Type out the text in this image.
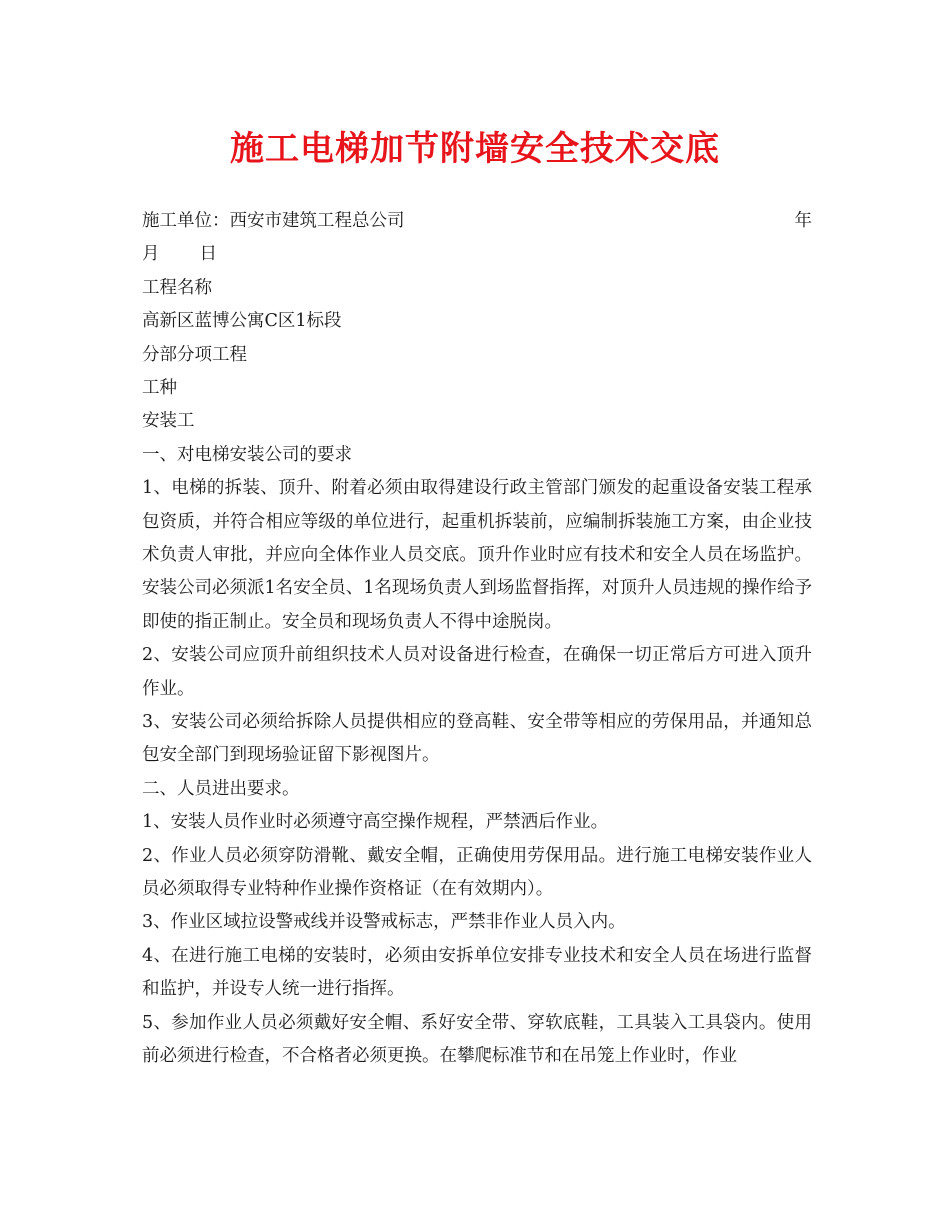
施工电梯加节附墙安全技术交底
施工单位：西安市建筑工程总公司	年
月 日
工程名称
高新区蓝博公寓C区1标段
分部分项工程
工种
安装工
一、对电梯安装公司的要求
1、电梯的拆装、顶升、附着必须由取得建设行政主管部门颁发的起重设备安装工程承包资质，并符合相应等级的单位进行，起重机拆装前，应编制拆装施工方案，由企业技术负责人审批，并应向全体作业人员交底。顶升作业时应有技术和安全人员在场监护。安装公司必须派1名安全员、1名现场负责人到场监督指挥，对顶升人员违规的操作给予即使的指正制止。安全员和现场负责人不得中途脱岗。
2、安装公司应顶升前组织技术人员对设备进行检查，在确保一切正常后方可进入顶升作业。
3、安装公司必须给拆除人员提供相应的登高鞋、安全带等相应的劳保用品，并通知总包安全部门到现场验证留下影视图片。
二、人员进出要求。
1、安装人员作业时必须遵守高空操作规程，严禁洒后作业。
2、作业人员必须穿防滑靴、戴安全帽，正确使用劳保用品。进行施工电梯安装作业人员必须取得专业特种作业操作资格证（在有效期内）。
3、作业区域拉设警戒线并设警戒标志，严禁非作业人员入内。
4、在进行施工电梯的安装时，必须由安拆单位安排专业技术和安全人员在场进行监督和监护，并设专人统一进行指挥。
5、参加作业人员必须戴好安全帽、系好安全带、穿软底鞋，工具装入工具袋内。使用前必须进行检查，不合格者必须更换。在攀爬标准节和在吊笼上作业时，作业
